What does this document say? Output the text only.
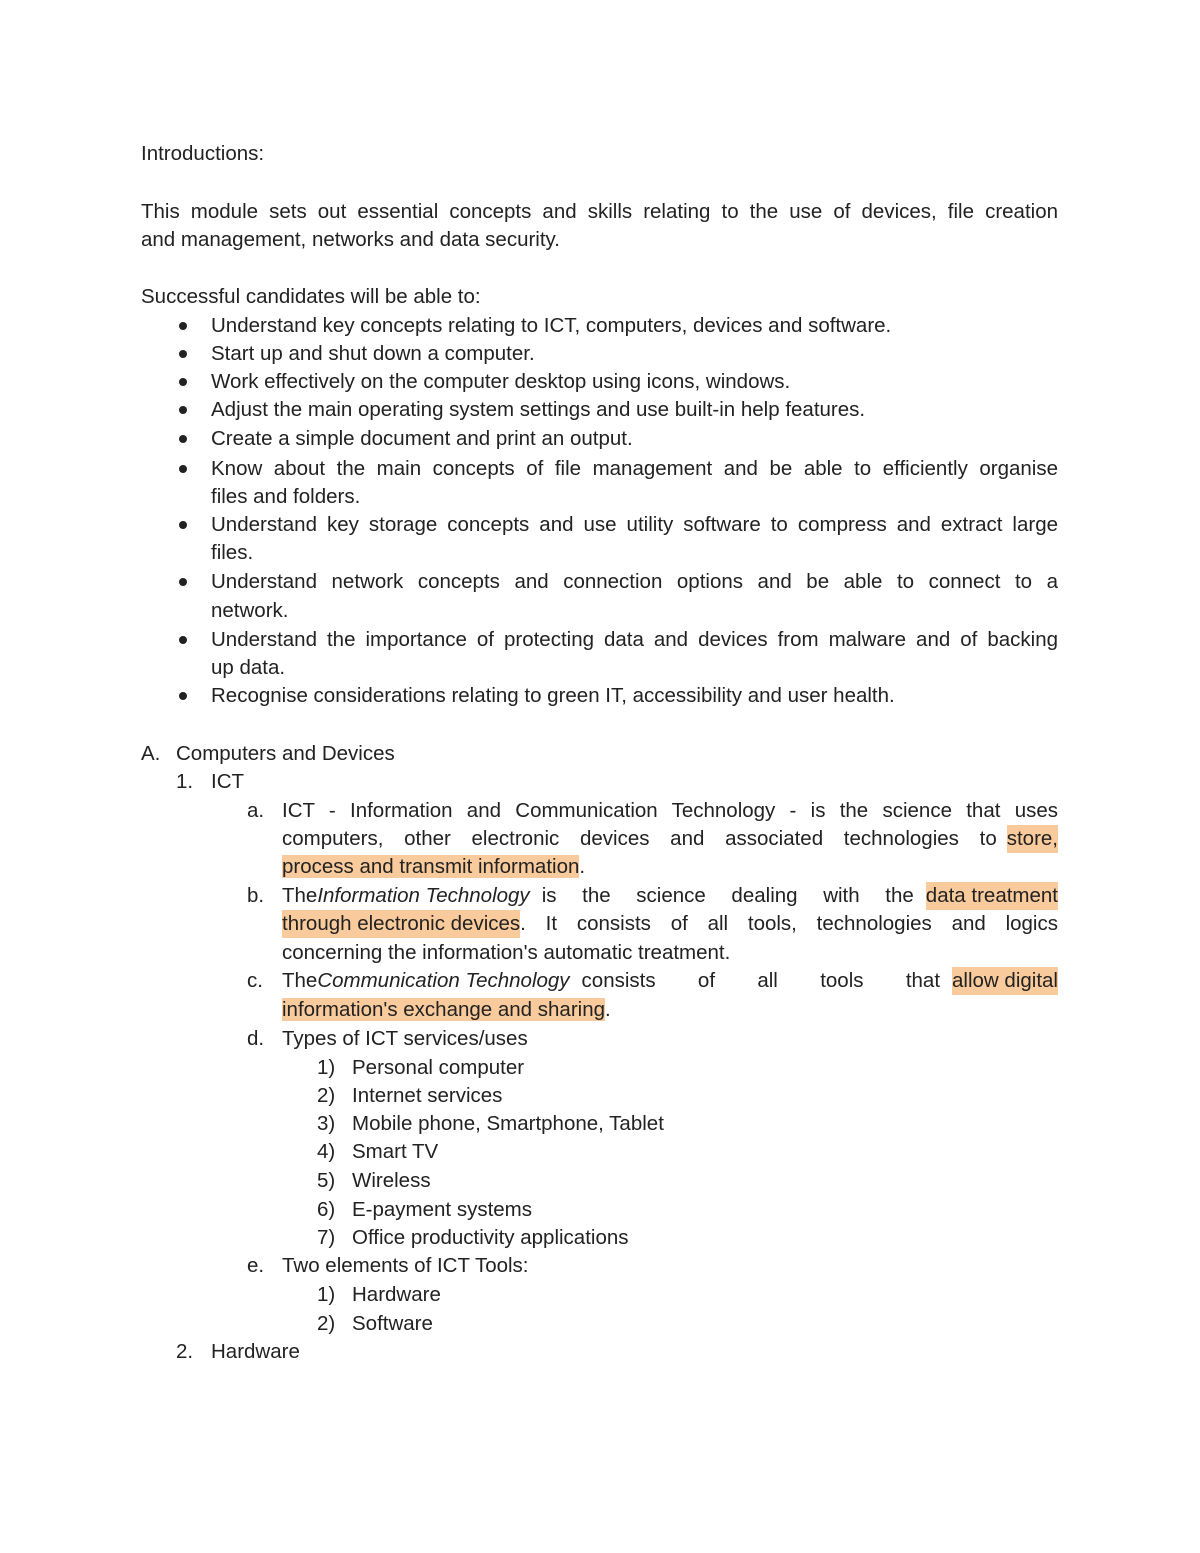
Introductions:
This module sets out essential concepts and skills relating to the use of devices, file creation
and management, networks and data security.
Successful candidates will be able to:
Understand key concepts relating to ICT, computers, devices and software.
Start up and shut down a computer.
Work effectively on the computer desktop using icons, windows.
Adjust the main operating system settings and use built-in help features.
Create a simple document and print an output.
Know about the main concepts of file management and be able to efficiently organise
files and folders.
Understand key storage concepts and use utility software to compress and extract large
files.
Understand network concepts and connection options and be able to connect to a
network.
Understand the importance of protecting data and devices from malware and of backing
up data.
Recognise considerations relating to green IT, accessibility and user health.
A. Computers and Devices
1. ICT
a. ICT - Information and Communication Technology - is the science that uses
computers, other electronic devices and associated technologies to store,
process and transmit information.
b. The Information Technology is the science dealing with the data treatment
through electronic devices . It consists of all tools, technologies and logics
concerning the information's automatic treatment.
c. The Communication Technology consists of all tools that allow digital
information's exchange and sharing.
d. Types of ICT services/uses
1) Personal computer
2) Internet services
3) Mobile phone, Smartphone, Tablet
4) Smart TV
5) Wireless
6) E-payment systems
7) Office productivity applications
e. Two elements of ICT Tools:
1) Hardware
2) Software
2. Hardware
